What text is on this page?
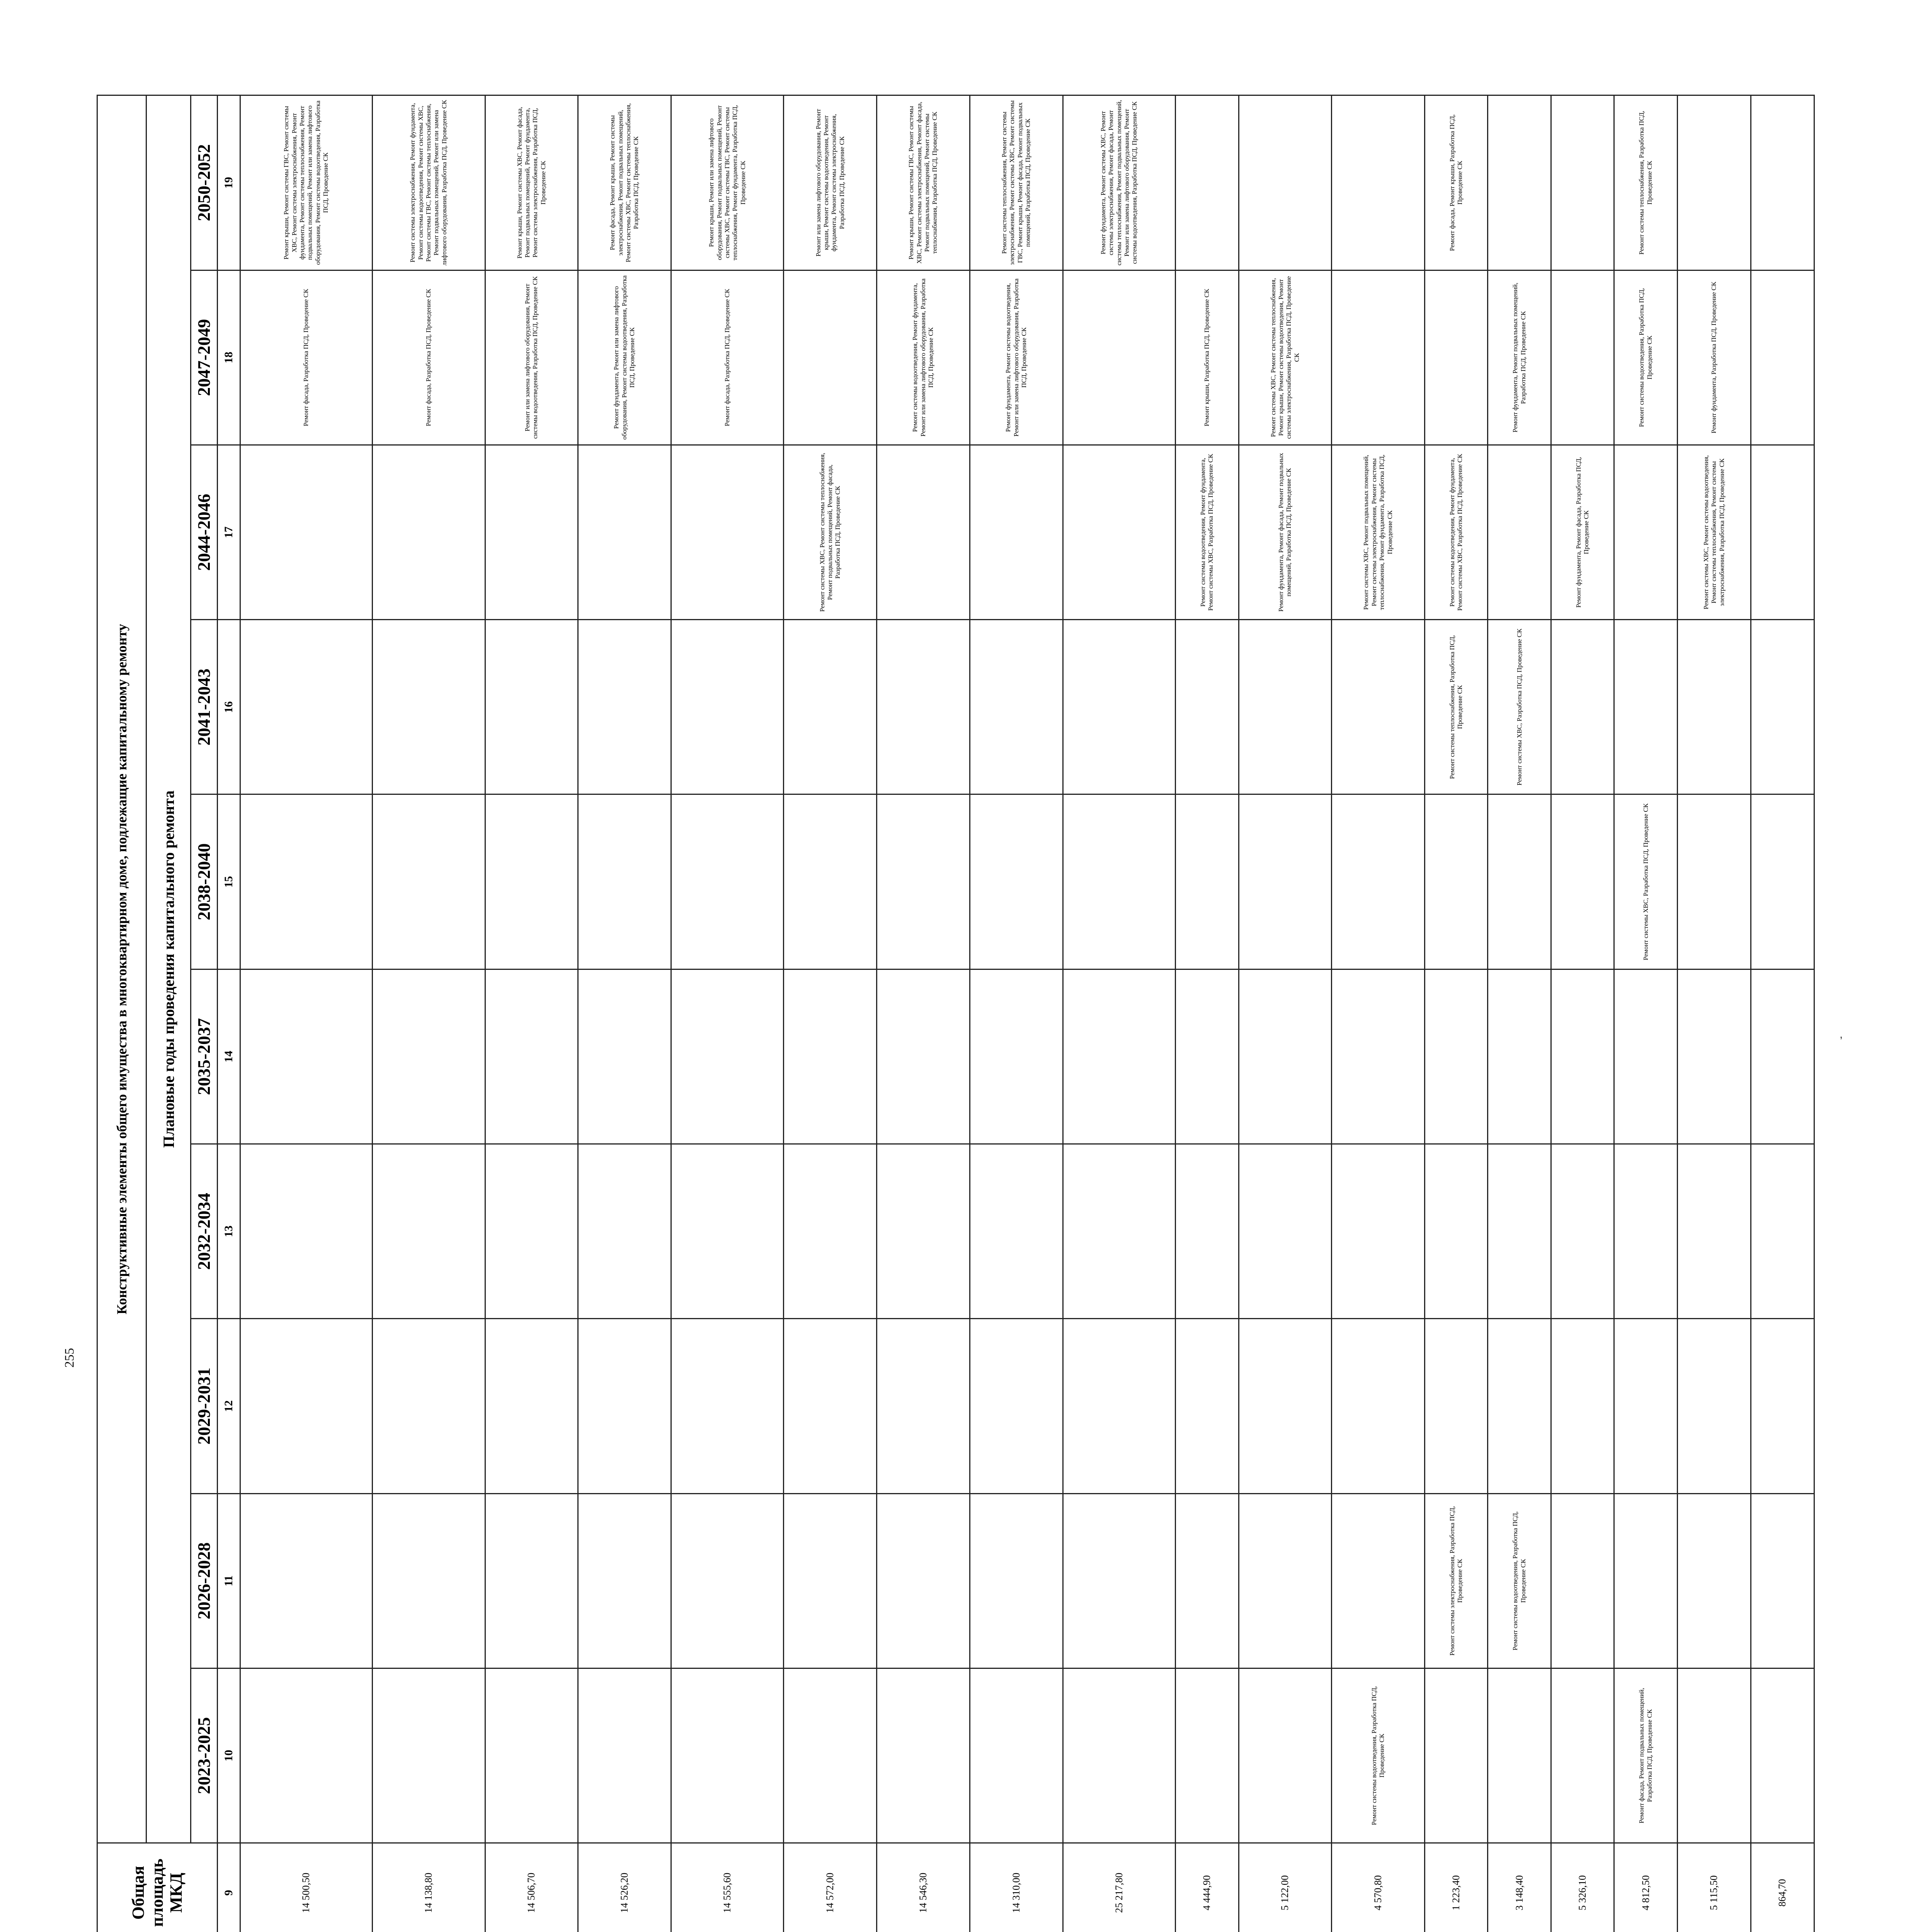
255
								Общая площадь МКД	Конструктивные элементы общего имущества в многоквартирном доме, подлежащие капитальному ремонту									
									Плановые годы проведения капитального ремонта									
									2023-2025	2026-2028	2029-2031	2032-2034	2035-2037	2038-2040	2041-2043	2044-2046	2047-2049	2050-2052
								9	10	11	12	13	14	15	16	17	18	19
								14 500,50									Ремонт фасада, Разработка ПСД, Проведение СК	Ремонт крыши, Ремонт системы ГВС, Ремонт системы ХВС, Ремонт системы электроснабжения, Ремонт фундамента, Ремонт системы теплоснабжения, Ремонт подвальных помещений, Ремонт или замена лифтового оборудования, Ремонт системы водоотведения, Разработка ПСД, Проведение СК
								14 138,80									Ремонт фасада, Разработка ПСД, Проведение СК	Ремонт системы электроснабжения, Ремонт фундамента, Ремонт системы водоотведения, Ремонт системы ХВС, Ремонт системы ГВС, Ремонт системы теплоснабжения, Ремонт подвальных помещений, Ремонт или замена лифтового оборудования, Разработка ПСД, Проведение СК
								14 506,70									Ремонт или замена лифтового оборудования, Ремонт системы водоотведения, Разработка ПСД, Проведение СК	Ремонт крыши, Ремонт системы ХВС, Ремонт фасада, Ремонт подвальных помещений, Ремонт фундамента, Ремонт системы электроснабжения, Разработка ПСД, Проведение СК
								14 526,20									Ремонт фундамента, Ремонт или замена лифтового оборудования, Ремонт системы водоотведения, Разработка ПСД, Проведение СК	Ремонт фасада, Ремонт крыши, Ремонт системы электроснабжения, Ремонт подвальных помещений, Ремонт системы ХВС, Ремонт системы теплоснабжения, Разработка ПСД, Проведение СК
								14 555,60									Ремонт фасада, Разработка ПСД, Проведение СК	Ремонт крыши, Ремонт или замена лифтового оборудования, Ремонт подвальных помещений, Ремонт системы ХВС, Ремонт системы ГВС, Ремонт системы теплоснабжения, Ремонт фундамента, Разработка ПСД, Проведение СК
								14 572,00								Ремонт системы ХВС, Ремонт системы теплоснабжения, Ремонт подвальных помещений, Ремонт фасада, Разработка ПСД, Проведение СК		Ремонт или замена лифтового оборудования, Ремонт крыши, Ремонт системы водоотведения, Ремонт фундамента, Ремонт системы электроснабжения, Разработка ПСД, Проведение СК
								14 546,30									Ремонт системы водоотведения, Ремонт фундамента, Ремонт или замена лифтового оборудования, Разработка ПСД, Проведение СК	Ремонт крыши, Ремонт системы ГВС, Ремонт системы ХВС, Ремонт системы электроснабжения, Ремонт фасада, Ремонт подвальных помещений, Ремонт системы теплоснабжения, Разработка ПСД, Проведение СК
								14 310,00									Ремонт фундамента, Ремонт системы водоотведения, Ремонт или замена лифтового оборудования, Разработка ПСД, Проведение СК	Ремонт системы теплоснабжения, Ремонт системы электроснабжения, Ремонт системы ХВС, Ремонт системы ГВС, Ремонт крыши, Ремонт фасада, Ремонт подвальных помещений, Разработка ПСД, Проведение СК
								25 217,80										Ремонт фундамента, Ремонт системы ХВС, Ремонт системы электроснабжения, Ремонт фасада, Ремонт системы теплоснабжения, Ремонт подвальных помещений, Ремонт или замена лифтового оборудования, Ремонт системы водоотведения, Разработка ПСД, Проведение СК
								4 444,90								Ремонт системы водоотведения, Ремонт фундамента, Ремонт системы ХВС, Разработка ПСД, Проведение СК	Ремонт крыши, Разработка ПСД, Проведение СК	
								5 122,00								Ремонт фундамента, Ремонт фасада, Ремонт подвальных помещений, Разработка ПСД, Проведение СК	Ремонт системы ХВС, Ремонт системы теплоснабжения, Ремонт крыши, Ремонт системы водоотведения, Ремонт системы электроснабжения, Разработка ПСД, Проведение СК	
								4 570,80	Ремонт системы водоотведения, Разработка ПСД, Проведение СК							Ремонт системы ХВС, Ремонт подвальных помещений, Ремонт системы электроснабжения, Ремонт системы теплоснабжения, Ремонт фундамента, Разработка ПСД, Проведение СК		
								1 223,40		Ремонт системы электроснабжения, Разработка ПСД, Проведение СК					Ремонт системы теплоснабжения, Разработка ПСД, Проведение СК	Ремонт системы водоотведения, Ремонт фундамента, Ремонт системы ХВС, Разработка ПСД, Проведение СК		Ремонт фасада, Ремонт крыши, Разработка ПСД, Проведение СК
								3 148,40		Ремонт системы водоотведения, Разработка ПСД, Проведение СК					Ремонт системы ХВС, Разработка ПСД, Проведение СК		Ремонт фундамента, Ремонт подвальных помещений, Разработка ПСД, Проведение СК	
								5 326,10								Ремонт фундамента, Ремонт фасада, Разработка ПСД, Проведение СК		
								4 812,50	Ремонт фасада, Ремонт подвальных помещений, Разработка ПСД, Проведение СК					Ремонт системы ХВС, Разработка ПСД, Проведение СК			Ремонт системы водоотведения, Разработка ПСД, Проведение СК	Ремонт системы теплоснабжения, Разработка ПСД, Проведение СК
								5 115,50								Ремонт системы ХВС, Ремонт системы водоотведения, Ремонт системы теплоснабжения, Ремонт системы электроснабжения, Разработка ПСД, Проведение СК	Ремонт фундамента, Разработка ПСД, Проведение СК	
								864,70										
,
